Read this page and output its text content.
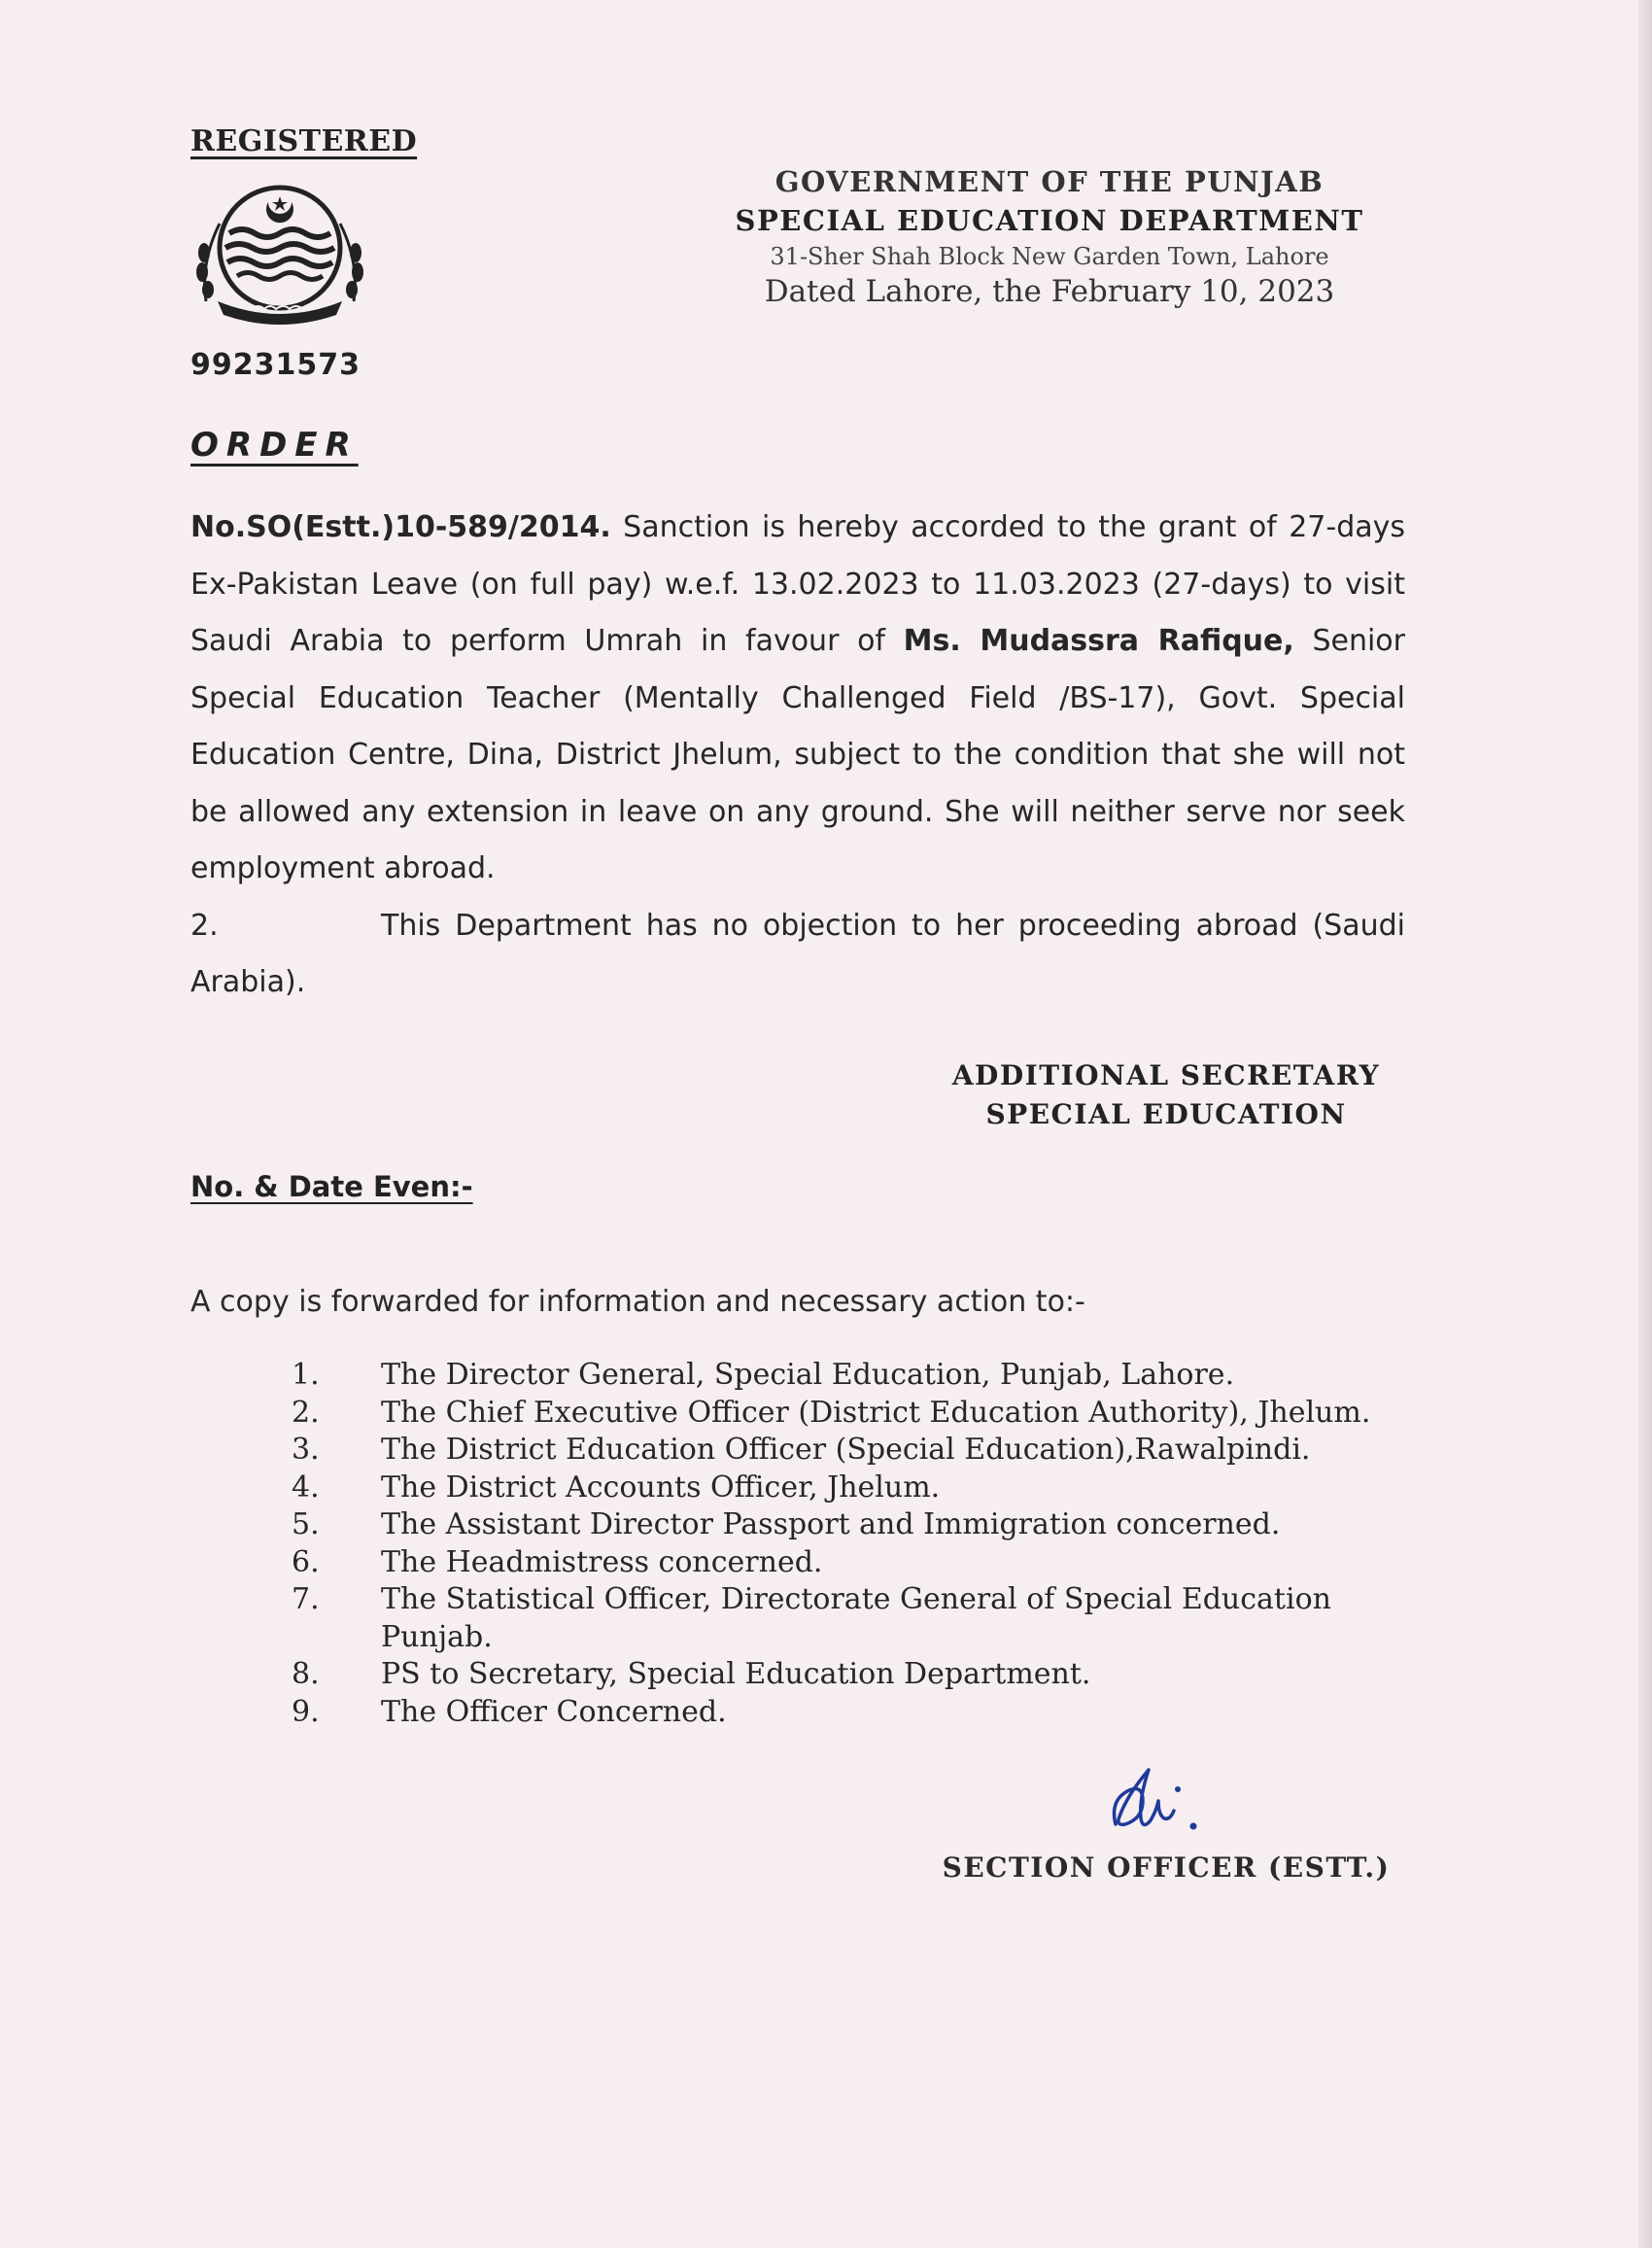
REGISTERED
99231573
GOVERNMENT OF THE PUNJAB
SPECIAL EDUCATION DEPARTMENT
31-Sher Shah Block New Garden Town, Lahore
Dated Lahore, the February 10, 2023
ORDER
No.SO(Estt.)10-589/2014. Sanction is hereby accorded to the grant of 27-days Ex-Pakistan Leave (on full pay) w.e.f. 13.02.2023 to 11.03.2023 (27-days) to visit Saudi Arabia to perform Umrah in favour of Ms. Mudassra Rafique, Senior Special Education Teacher (Mentally Challenged Field /BS-17), Govt. Special Education Centre, Dina, District Jhelum, subject to the condition that she will not be allowed any extension in leave on any ground. She will neither serve nor seek employment abroad.
2.	This Department has no objection to her proceeding abroad (Saudi Arabia).
ADDITIONAL SECRETARY
SPECIAL EDUCATION
No. & Date Even:-
A copy is forwarded for information and necessary action to:-
1.	The Director General, Special Education, Punjab, Lahore.
2.	The Chief Executive Officer (District Education Authority), Jhelum.
3.	The District Education Officer (Special Education),Rawalpindi.
4.	The District Accounts Officer, Jhelum.
5.	The Assistant Director Passport and Immigration concerned.
6.	The Headmistress concerned.
7.	The Statistical Officer, Directorate General of Special Education Punjab.
8.	PS to Secretary, Special Education Department.
9.	The Officer Concerned.
SECTION OFFICER (ESTT.)
